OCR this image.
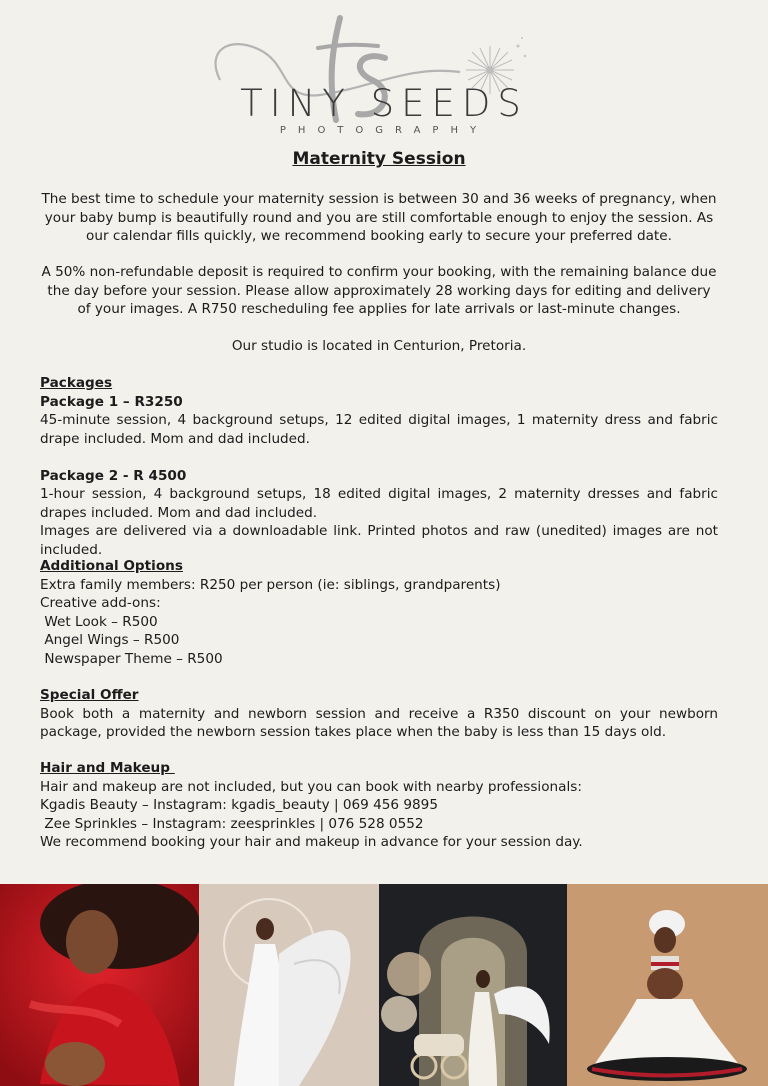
TINY SEEDS
PHOTOGRAPHY
Maternity Session

The best time to schedule your maternity session is between 30 and 36 weeks of pregnancy, when your baby bump is beautifully round and you are still comfortable enough to enjoy the session. As our calendar fills quickly, we recommend booking early to secure your preferred date.

A 50% non-refundable deposit is required to confirm your booking, with the remaining balance due the day before your session. Please allow approximately 28 working days for editing and delivery of your images. A R750 rescheduling fee applies for late arrivals or last-minute changes.

Our studio is located in Centurion, Pretoria.

Packages
Package 1 – R3250

45-minute session, 4 background setups, 12 edited digital images, 1 maternity dress and fabric drape included. Mom and dad included.

Package 2 - R 4500

1-hour session, 4 background setups, 18 edited digital images, 2 maternity dresses and fabric drapes included. Mom and dad included.

Images are delivered via a downloadable link. Printed photos and raw (unedited) images are not included.

Additional Options
Extra family members: R250 per person (ie: siblings, grandparents)
Creative add-ons:
Wet Look – R500
Angel Wings – R500
Newspaper Theme – R500
Special Offer

Book both a maternity and newborn session and receive a R350 discount on your newborn package, provided the newborn session takes place when the baby is less than 15 days old.

Hair and Makeup
Hair and makeup are not included, but you can book with nearby professionals:
Kgadis Beauty – Instagram: kgadis_beauty | 069 456 9895
Zee Sprinkles – Instagram: zeesprinkles | 076 528 0552
We recommend booking your hair and makeup in advance for your session day.
